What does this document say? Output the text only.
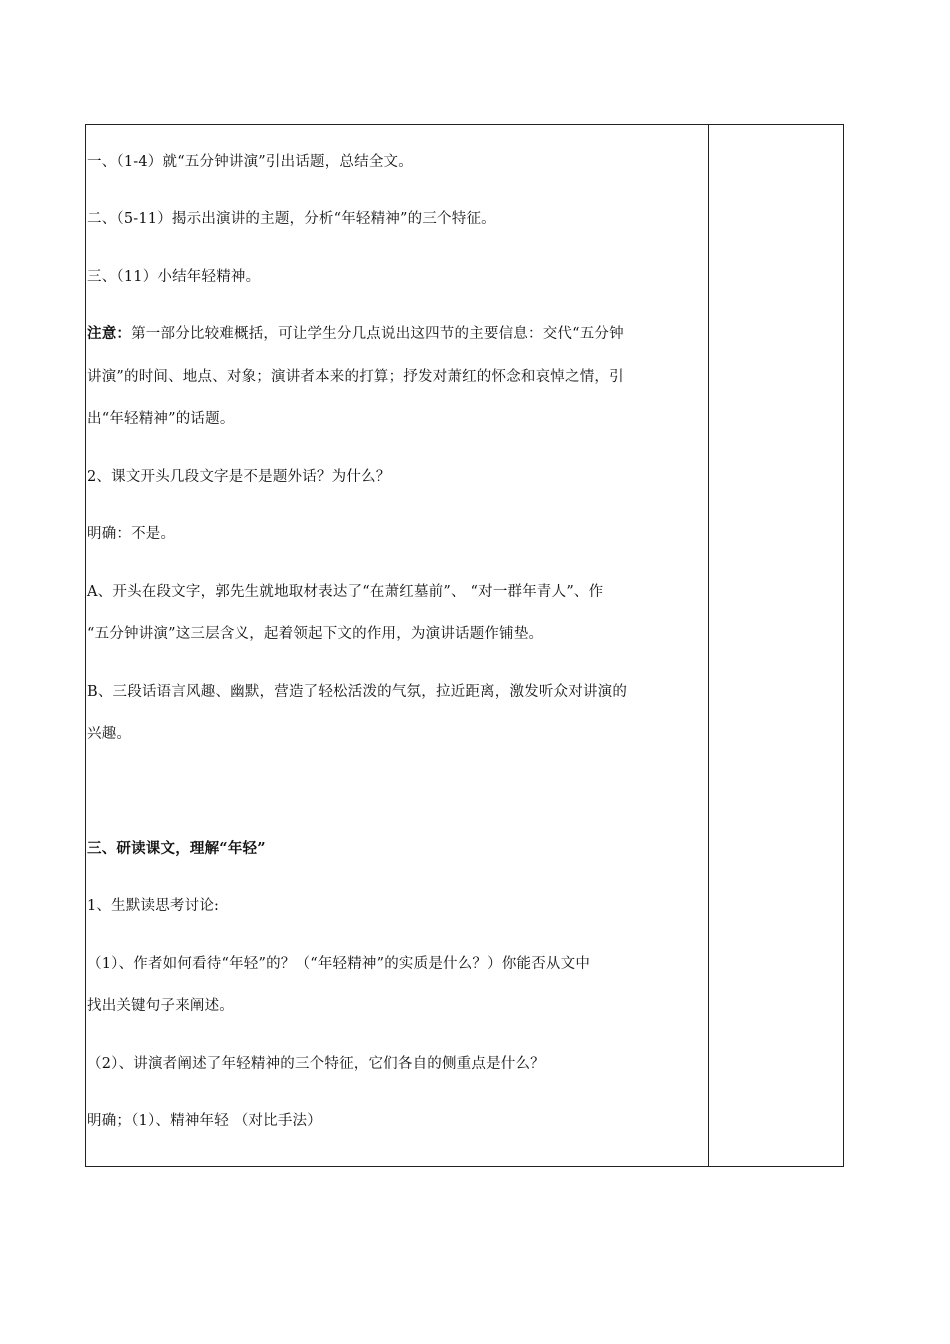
一、（1-4）就“五分钟讲演”引出话题，总结全文。
二、（5-11）揭示出演讲的主题，分析“年轻精神”的三个特征。
三、（11）小结年轻精神。
注意：第一部分比较难概括，可让学生分几点说出这四节的主要信息：交代“五分钟
讲演”的时间、地点、对象；演讲者本来的打算；抒发对萧红的怀念和哀悼之情，引
出“年轻精神”的话题。
2、课文开头几段文字是不是题外话？为什么？
明确：不是。
A、开头在段文字，郭先生就地取材表达了“在萧红墓前”、 “对一群年青人”、作
“五分钟讲演”这三层含义，起着领起下文的作用，为演讲话题作铺垫。
B、三段话语言风趣、幽默，营造了轻松活泼的气氛，拉近距离，激发听众对讲演的
兴趣。
三、研读课文，理解“年轻”
1、生默读思考讨论:
（1）、作者如何看待“年轻”的？（“年轻精神”的实质是什么？）你能否从文中
找出关键句子来阐述。
（2）、讲演者阐述了年轻精神的三个特征，它们各自的侧重点是什么？
明确；（1）、精神年轻 （对比手法）
